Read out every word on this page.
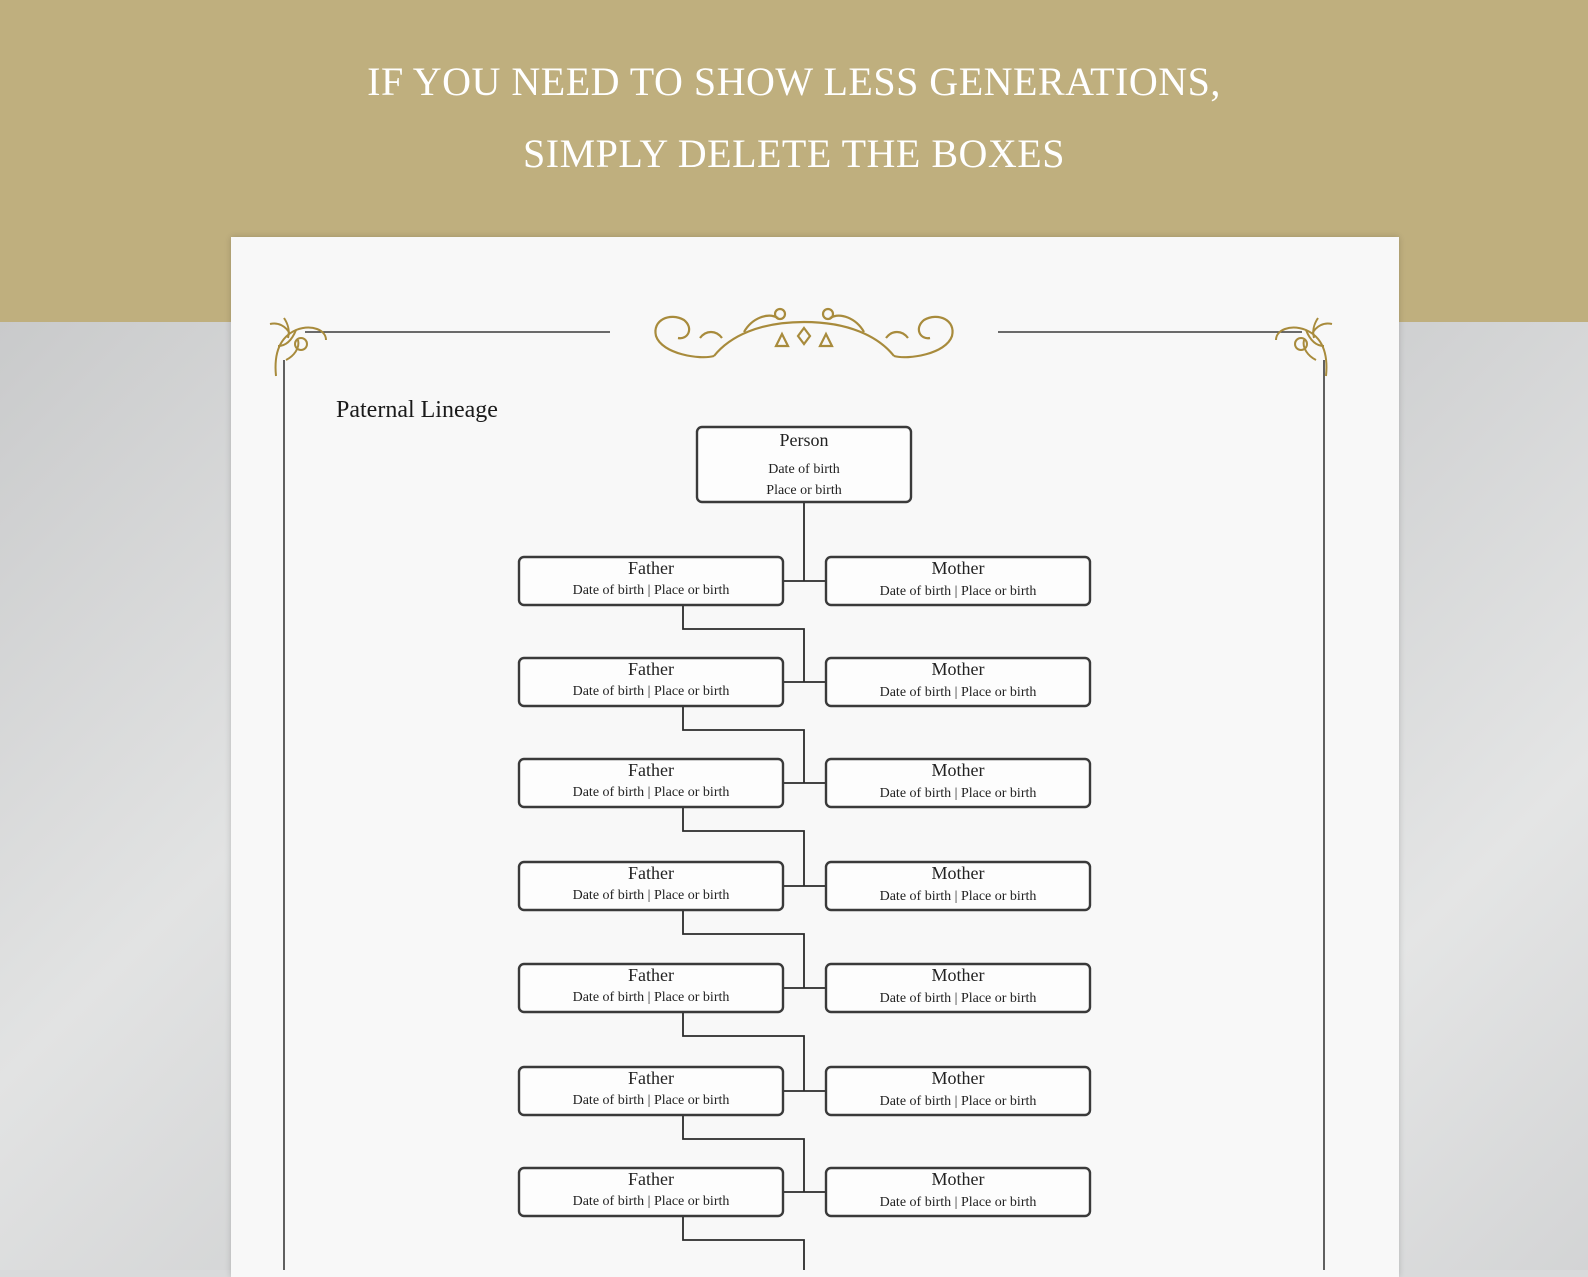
IF YOU NEED TO SHOW LESS GENERATIONS,
SIMPLY DELETE THE BOXES
Paternal Lineage
Person
Date of birth
Place or birth
Father
Date of birth | Place or birth
Mother
Date of birth | Place or birth
Father
Date of birth | Place or birth
Mother
Date of birth | Place or birth
Father
Date of birth | Place or birth
Mother
Date of birth | Place or birth
Father
Date of birth | Place or birth
Mother
Date of birth | Place or birth
Father
Date of birth | Place or birth
Mother
Date of birth | Place or birth
Father
Date of birth | Place or birth
Mother
Date of birth | Place or birth
Father
Date of birth | Place or birth
Mother
Date of birth | Place or birth
